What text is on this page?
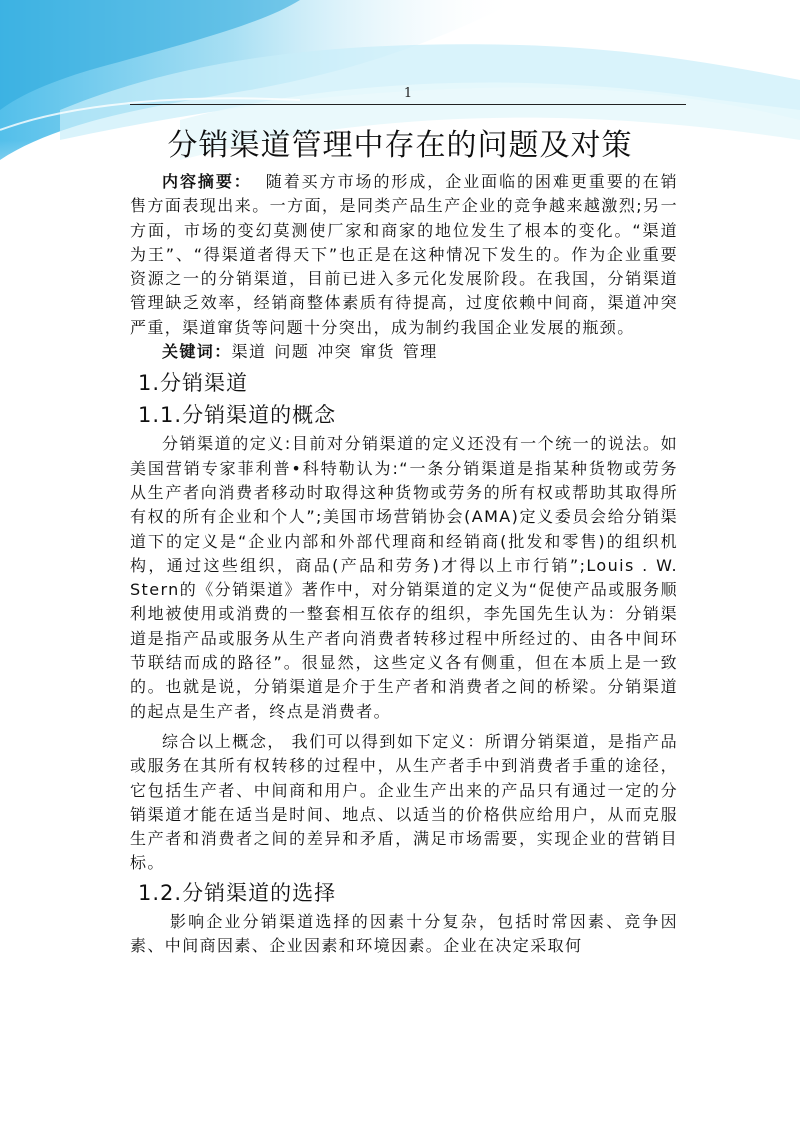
1
分销渠道管理中存在的问题及对策

内容摘要： 随着买方市场的形成，企业面临的困难更重要的在销售方面表现出来。一方面，是同类产品生产企业的竞争越来越激烈;另一方面，市场的变幻莫测使厂家和商家的地位发生了根本的变化。“渠道为王”、“得渠道者得天下”也正是在这种情况下发生的。作为企业重要资源之一的分销渠道，目前已进入多元化发展阶段。在我国，分销渠道管理缺乏效率，经销商整体素质有待提高，过度依赖中间商，渠道冲突严重，渠道窜货等问题十分突出，成为制约我国企业发展的瓶颈。

关键词：渠道 问题 冲突 窜货 管理

1.分销渠道
1.1.分销渠道的概念

分销渠道的定义:目前对分销渠道的定义还没有一个统一的说法。如美国营销专家菲利普•科特勒认为:“一条分销渠道是指某种货物或劳务从生产者向消费者移动时取得这种货物或劳务的所有权或帮助其取得所有权的所有企业和个人”;美国市场营销协会(AMA)定义委员会给分销渠道下的定义是“企业内部和外部代理商和经销商(批发和零售)的组织机构，通过这些组织，商品(产品和劳务)才得以上市行销”;Louis . W. Stern的《分销渠道》著作中，对分销渠道的定义为“促使产品或服务顺利地被使用或消费的一整套相互依存的组织，李先国先生认为：分销渠道是指产品或服务从生产者向消费者转移过程中所经过的、由各中间环节联结而成的路径”。很显然，这些定义各有侧重，但在本质上是一致的。也就是说，分销渠道是介于生产者和消费者之间的桥梁。分销渠道的起点是生产者，终点是消费者。

综合以上概念， 我们可以得到如下定义：所谓分销渠道，是指产品或服务在其所有权转移的过程中，从生产者手中到消费者手重的途径，它包括生产者、中间商和用户。企业生产出来的产品只有通过一定的分销渠道才能在适当是时间、地点、以适当的价格供应给用户，从而克服生产者和消费者之间的差异和矛盾，满足市场需要，实现企业的营销目标。

1.2.分销渠道的选择

影响企业分销渠道选择的因素十分复杂，包括时常因素、竞争因素、中间商因素、企业因素和环境因素。企业在决定采取何
